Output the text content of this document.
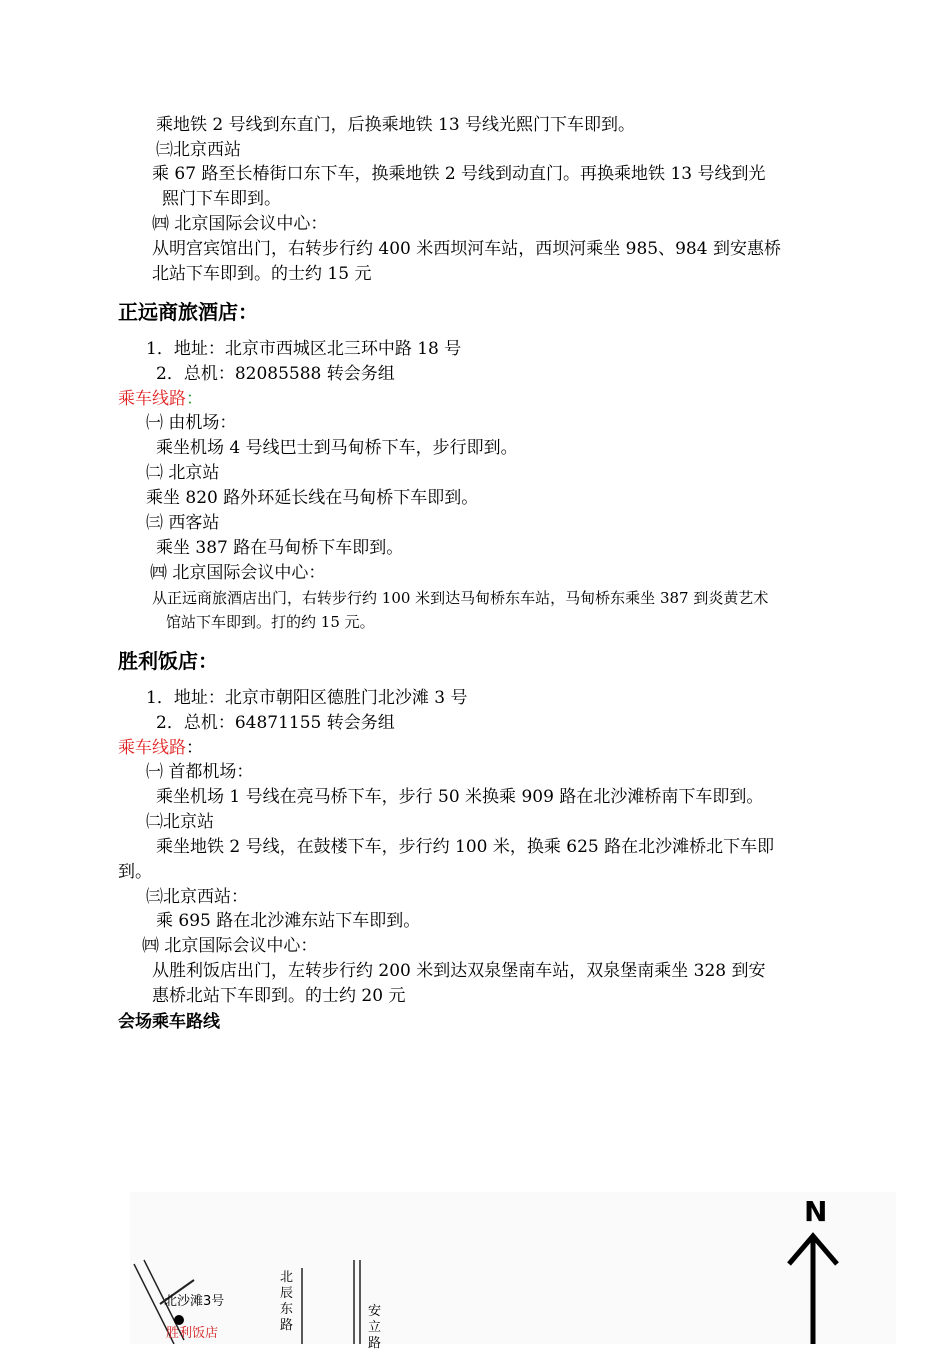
乘地铁 2 号线到东直门，后换乘地铁 13 号线光熙门下车即到。
㈢北京西站
乘 67 路至长椿街口东下车，换乘地铁 2 号线到动直门。再换乘地铁 13 号线到光
熙门下车即到。
㈣ 北京国际会议中心：
从明宫宾馆出门，右转步行约 400 米西坝河车站，西坝河乘坐 985、984 到安惠桥
北站下车即到。的士约 15 元
正远商旅酒店：
1．地址：北京市西城区北三环中路 18 号
2．总机：82085588 转会务组
乘车线路：
㈠ 由机场：
乘坐机场 4 号线巴士到马甸桥下车，步行即到。
㈡ 北京站
乘坐 820 路外环延长线在马甸桥下车即到。
㈢ 西客站
乘坐 387 路在马甸桥下车即到。
㈣ 北京国际会议中心：
从正远商旅酒店出门，右转步行约 100 米到达马甸桥东车站，马甸桥东乘坐 387 到炎黄艺术
馆站下车即到。打的约 15 元。
胜利饭店：
1．地址：北京市朝阳区德胜门北沙滩 3 号
2．总机：64871155 转会务组
乘车线路：
㈠ 首都机场：
乘坐机场 1 号线在亮马桥下车，步行 50 米换乘 909 路在北沙滩桥南下车即到。
㈡北京站
乘坐地铁 2 号线，在鼓楼下车，步行约 100 米，换乘 625 路在北沙滩桥北下车即
到。
㈢北京西站：
乘 695 路在北沙滩东站下车即到。
㈣ 北京国际会议中心：
从胜利饭店出门，左转步行约 200 米到达双泉堡南车站，双泉堡南乘坐 328 到安
惠桥北站下车即到。的士约 20 元
会场乘车路线
N
北沙滩3号
胜利饭店
北
辰
东
路
安
立
路
